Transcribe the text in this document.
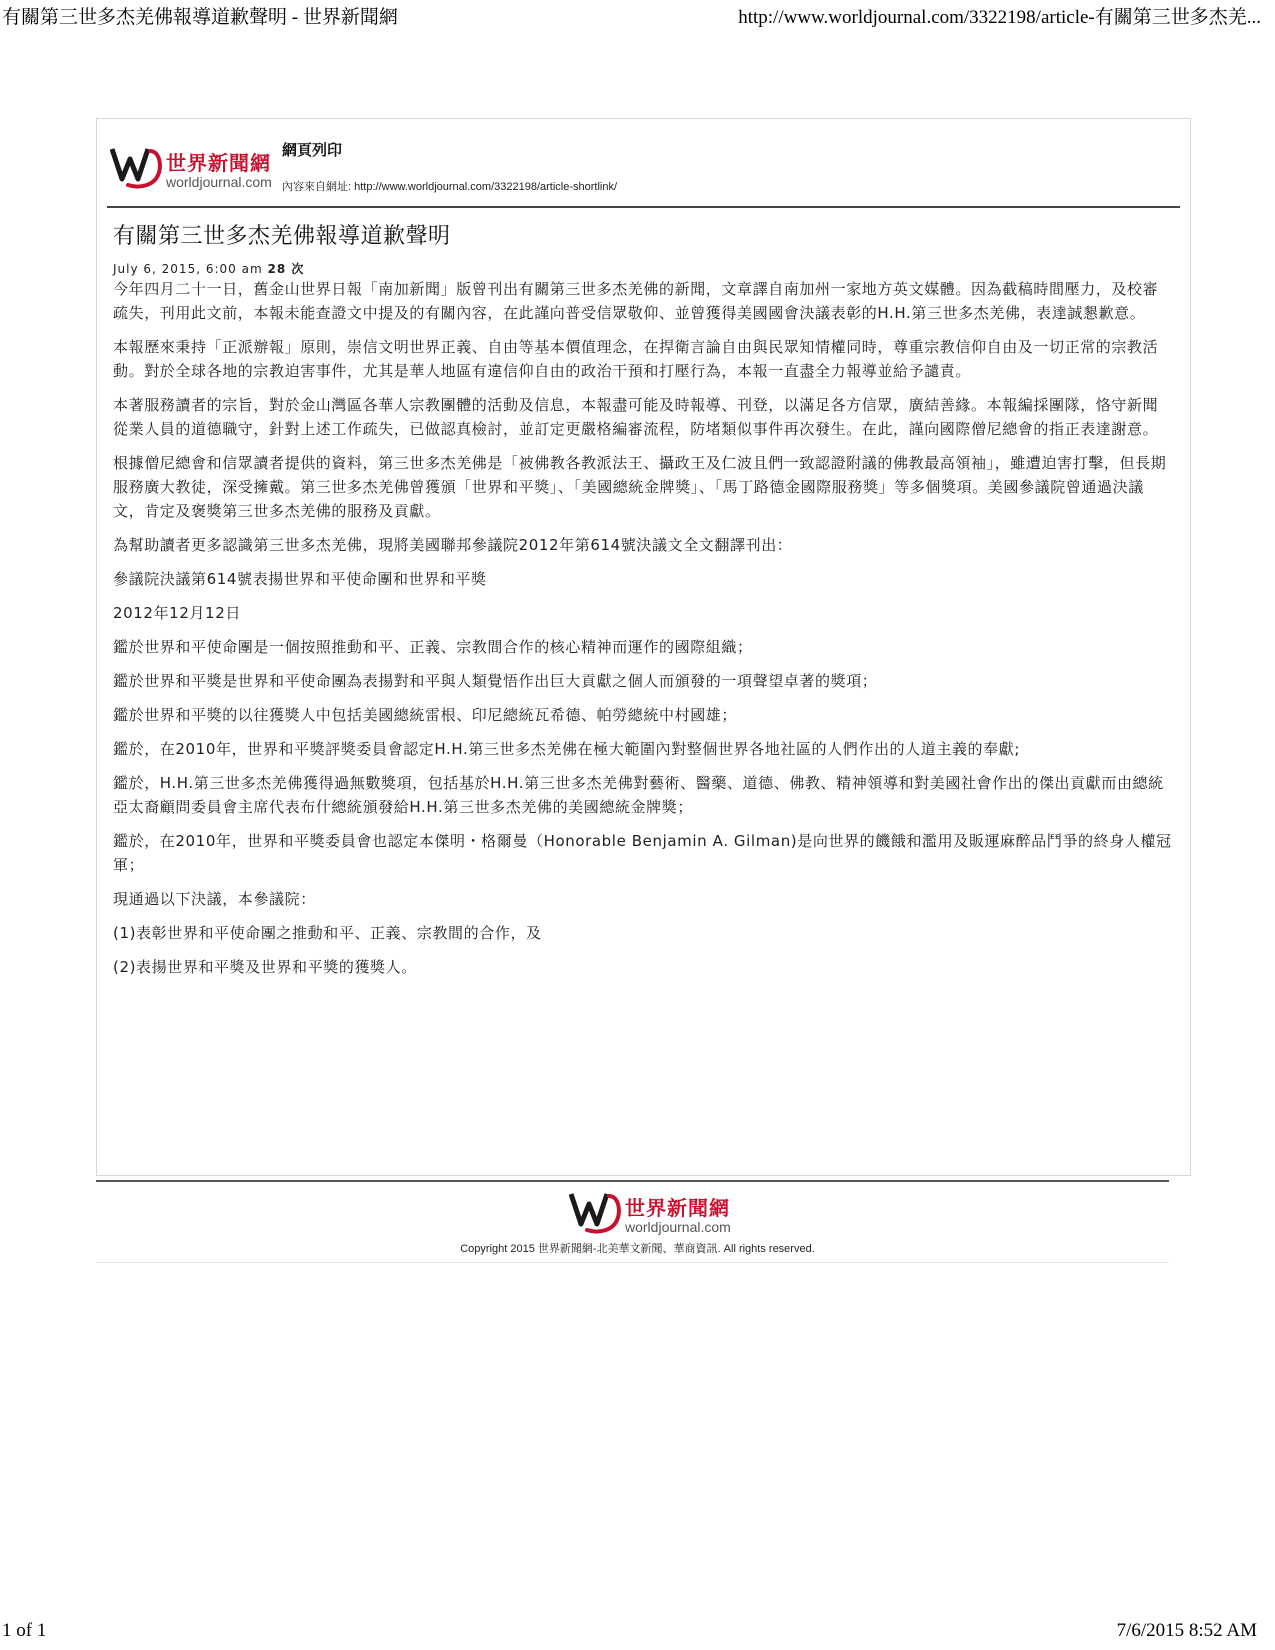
有關第三世多杰羌佛報導道歉聲明 - 世界新聞網	http://www.worldjournal.com/3322198/article-有關第三世多杰羌...
世界新聞網
worldjournal.com
網頁列印
內容來自網址: http://www.worldjournal.com/3322198/article-shortlink/
有關第三世多杰羌佛報導道歉聲明
July 6, 2015, 6:00 am 28 次

今年四月二十一日，舊金山世界日報「南加新聞」版曾刊出有關第三世多杰羌佛的新聞，文章譯自南加州一家地方英文媒體。因為截稿時間壓力，及校審疏失，刊用此文前，本報未能查證文中提及的有關內容，在此謹向普受信眾敬仰、並曾獲得美國國會決議表彰的H.H.第三世多杰羌佛，表達誠懇歉意。

本報歷來秉持「正派辦報」原則，崇信文明世界正義、自由等基本價值理念，在捍衛言論自由與民眾知情權同時，尊重宗教信仰自由及一切正常的宗教活動。對於全球各地的宗教迫害事件，尤其是華人地區有違信仰自由的政治干預和打壓行為，本報一直盡全力報導並給予譴責。

本著服務讀者的宗旨，對於金山灣區各華人宗教團體的活動及信息，本報盡可能及時報導、刊登，以滿足各方信眾，廣結善緣。本報編採團隊，恪守新聞從業人員的道德職守，針對上述工作疏失，已做認真檢討，並訂定更嚴格編審流程，防堵類似事件再次發生。在此，謹向國際僧尼總會的指正表達謝意。

根據僧尼總會和信眾讀者提供的資料，第三世多杰羌佛是「被佛教各教派法王、攝政王及仁波且們一致認證附議的佛教最高領袖」，雖遭迫害打擊，但長期服務廣大教徒，深受擁戴。第三世多杰羌佛曾獲頒「世界和平獎」、「美國總統金牌獎」、「馬丁路德金國際服務獎」等多個獎項。美國參議院曾通過決議文，肯定及褒獎第三世多杰羌佛的服務及貢獻。

為幫助讀者更多認識第三世多杰羌佛，現將美國聯邦參議院2012年第614號決議文全文翻譯刊出：

參議院決議第614號表揚世界和平使命團和世界和平獎

2012年12月12日

鑑於世界和平使命團是一個按照推動和平、正義、宗教間合作的核心精神而運作的國際組織；

鑑於世界和平獎是世界和平使命團為表揚對和平與人類覺悟作出巨大貢獻之個人而頒發的一項聲望卓著的獎項；

鑑於世界和平獎的以往獲獎人中包括美國總統雷根、印尼總統瓦希德、帕勞總統中村國雄；

鑑於，在2010年，世界和平獎評獎委員會認定H.H.第三世多杰羌佛在極大範圍內對整個世界各地社區的人們作出的人道主義的奉獻;

鑑於，H.H.第三世多杰羌佛獲得過無數獎項，包括基於H.H.第三世多杰羌佛對藝術、醫藥、道德、佛教、精神領導和對美國社會作出的傑出貢獻而由總統亞太裔顧問委員會主席代表布什總統頒發給H.H.第三世多杰羌佛的美國總統金牌獎；

鑑於，在2010年，世界和平獎委員會也認定本傑明・格爾曼（Honorable Benjamin A. Gilman)是向世界的饑餓和濫用及販運麻醉品鬥爭的終身人權冠軍；

現通過以下決議，本參議院：

(1)表彰世界和平使命團之推動和平、正義、宗教間的合作，及

(2)表揚世界和平獎及世界和平獎的獲獎人。

世界新聞網
worldjournal.com
Copyright 2015 世界新聞網-北美華文新聞、華商資訊. All rights reserved.
1 of 1	7/6/2015 8:52 AM
